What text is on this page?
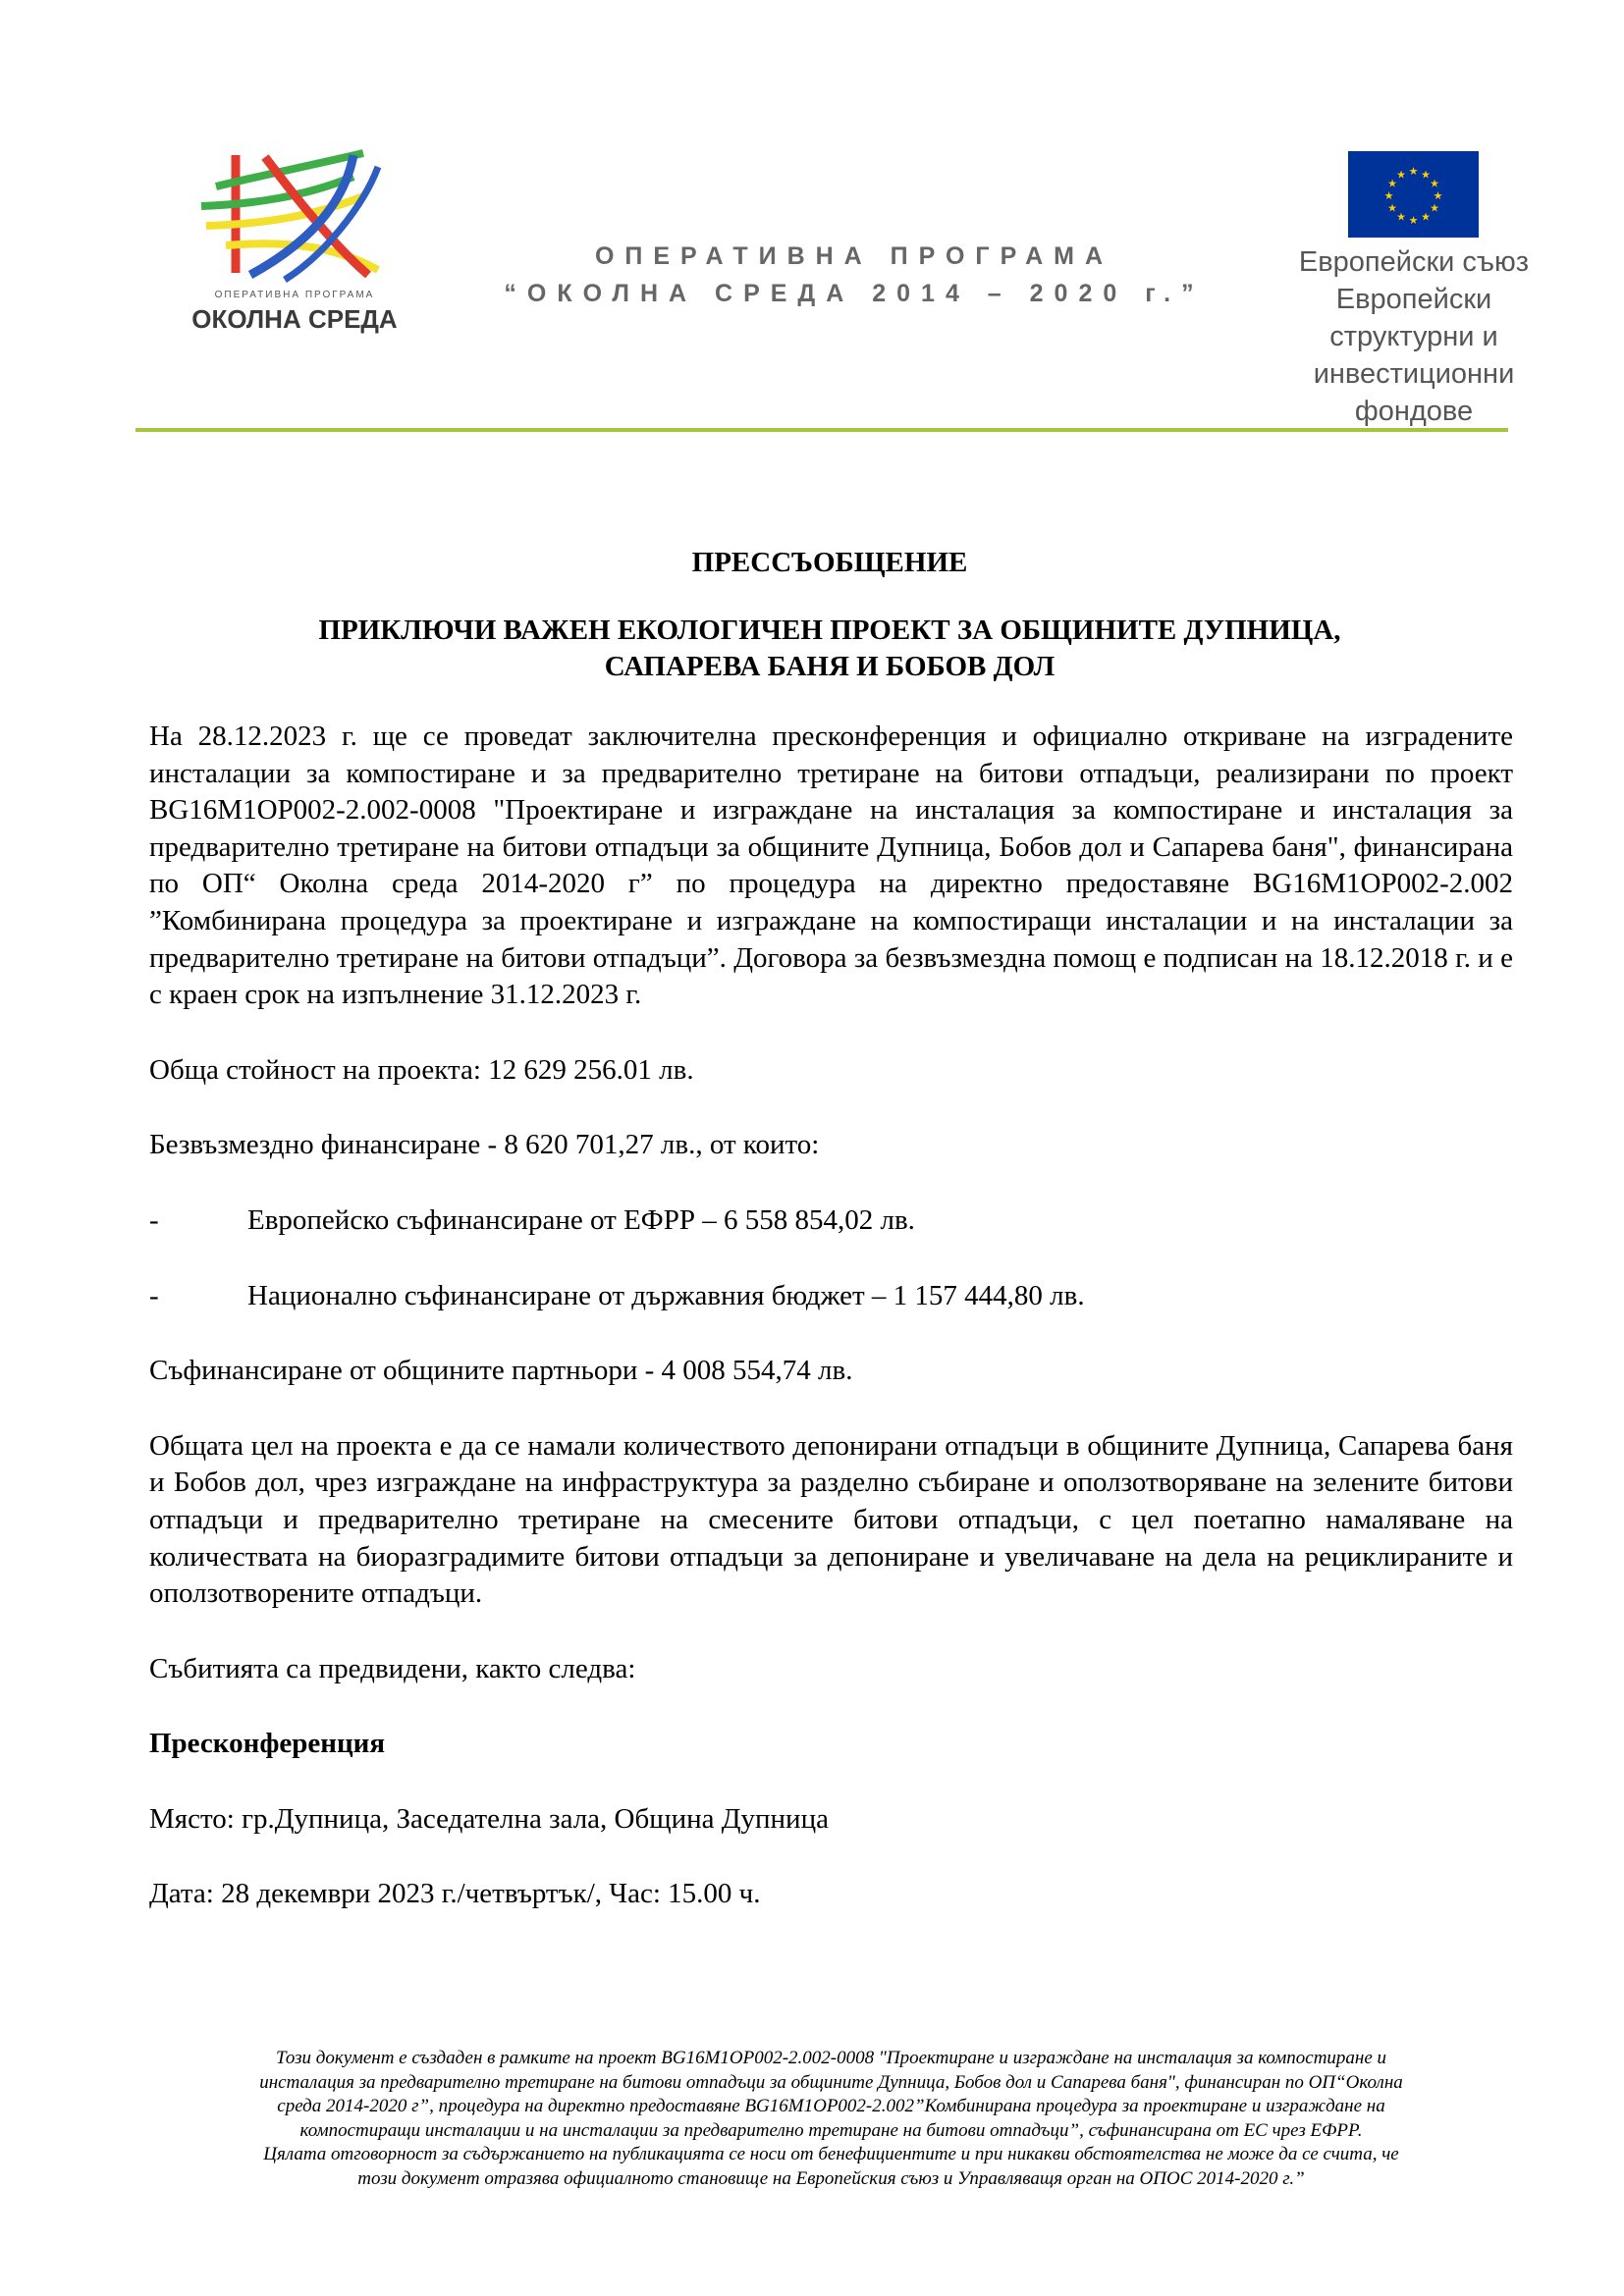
ОПЕРАТИВНА ПРОГРАМА
ОКОЛНА СРЕДА
ОПЕРАТИВНА ПРОГРАМА
“ОКОЛНА СРЕДА 2014 – 2020 г.”
★ ★
★
★
★
★
★
★
★
★
★
★
Европейски съюз
Европейски
структурни и
инвестиционни
фондове
ПРЕССЪОБЩЕНИЕ
ПРИКЛЮЧИ ВАЖЕН ЕКОЛОГИЧЕН ПРОЕКТ ЗА ОБЩИНИТЕ ДУПНИЦА,
САПАРЕВА БАНЯ И БОБОВ ДОЛ

На 28.12.2023 г. ще се проведат заключителна пресконференция и официално откриване на изградените инсталации за компостиране и за предварително третиране на битови отпадъци, реализирани по проект BG16M1OP002-2.002-0008 "Проектиране и изграждане на инсталация за компостиране и инсталация за предварително третиране на битови отпадъци за общините Дупница, Бобов дол и Сапарева баня", финансирана по ОП“ Околна среда 2014-2020 г” по процедура на директно предоставяне BG16M1OP002-2.002 ”Комбинирана процедура за проектиране и изграждане на компостиращи инсталации и на инсталации за предварително третиране на битови отпадъци”. Договора за безвъзмездна помощ е подписан на 18.12.2018 г. и е с краен срок на изпълнение 31.12.2023 г.

Обща стойност на проекта: 12 629 256.01 лв.

Безвъзмездно финансиране - 8 620 701,27 лв., от които:

-	Европейско съфинансиране от ЕФРР – 6 558 854,02 лв.
-	Национално съфинансиране от държавния бюджет – 1 157 444,80 лв.

Съфинансиране от общините партньори - 4 008 554,74 лв.

Общата цел на проекта е да се намали количеството депонирани отпадъци в общините Дупница, Сапарева баня и Бобов дол, чрез изграждане на инфраструктура за разделно събиране и оползотворяване на зелените битови отпадъци и предварително третиране на смесените битови отпадъци, с цел поетапно намаляване на количествата на биоразградимите битови отпадъци за депониране и увеличаване на дела на рециклираните и оползотворените отпадъци.

Събитията са предвидени, както следва:

Пресконференция

Място: гр.Дупница, Заседателна зала, Община Дупница

Дата: 28 декември 2023 г./четвъртък/, Час: 15.00 ч.

Този документ е създаден в рамките на проект BG16M1OP002-2.002-0008 "Проектиране и изграждане на инсталация за компостиране и
инсталация за предварително третиране на битови отпадъци за общините Дупница, Бобов дол и Сапарева баня", финансиран по ОП“Околна
среда 2014-2020 г”, процедура на директно предоставяне BG16M1OP002-2.002”Комбинирана процедура за проектиране и изграждане на
компостиращи инсталации и на инсталации за предварително третиране на битови отпадъци”, съфинансирана от ЕС чрез ЕФРР.
Цялата отговорност за съдържанието на публикацията се носи от бенефициентите и при никакви обстоятелства не може да се счита, че
този документ отразява официалното становище на Европейския съюз и Управляващя орган на ОПОС 2014-2020 г.”
